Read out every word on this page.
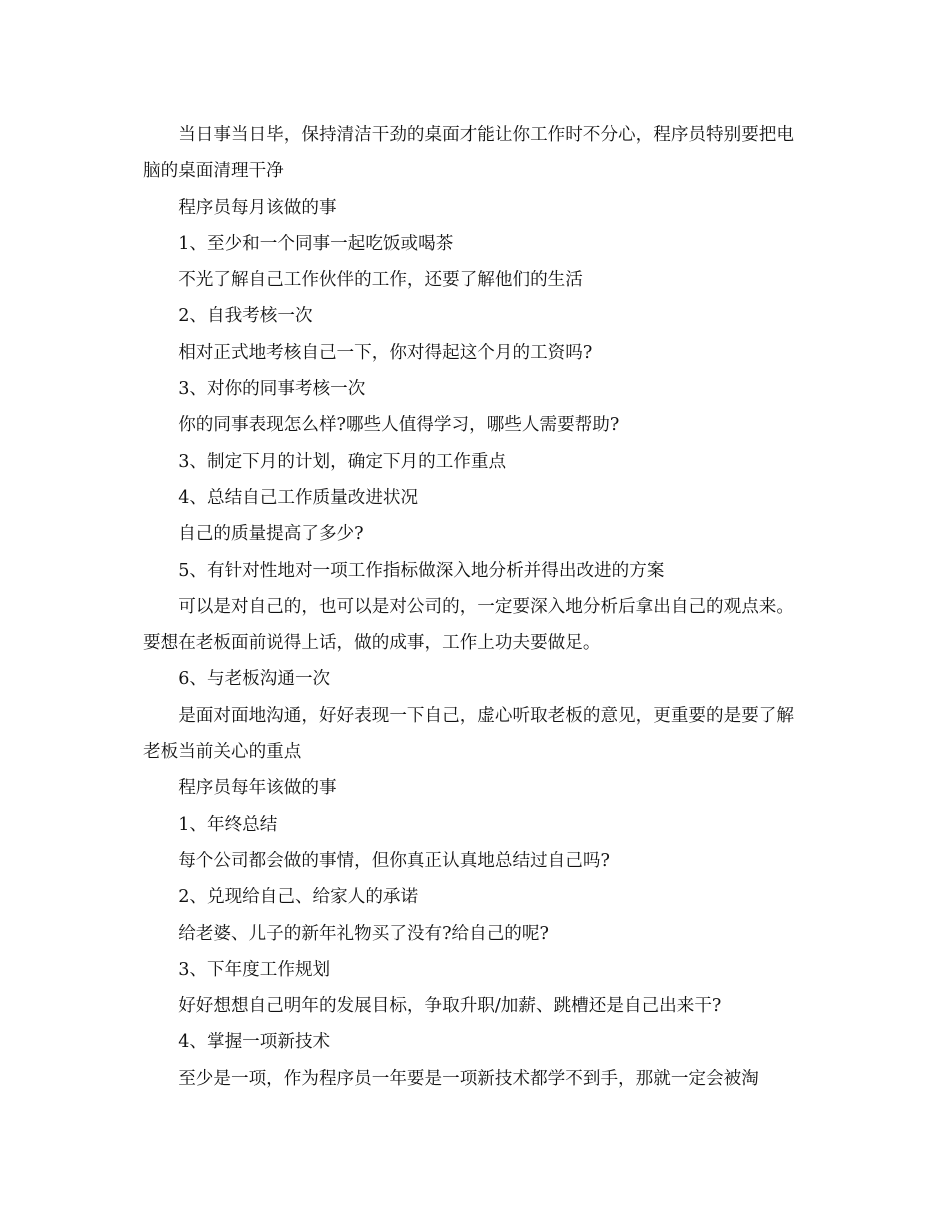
当日事当日毕，保持清洁干劲的桌面才能让你工作时不分心，程序员特别要把电脑的桌面清理干净

程序员每月该做的事

1、至少和一个同事一起吃饭或喝茶

不光了解自己工作伙伴的工作，还要了解他们的生活

2、自我考核一次

相对正式地考核自己一下，你对得起这个月的工资吗?

3、对你的同事考核一次

你的同事表现怎么样?哪些人值得学习，哪些人需要帮助?

3、制定下月的计划，确定下月的工作重点

4、总结自己工作质量改进状况

自己的质量提高了多少?

5、有针对性地对一项工作指标做深入地分析并得出改进的方案

可以是对自己的，也可以是对公司的，一定要深入地分析后拿出自己的观点来。要想在老板面前说得上话，做的成事，工作上功夫要做足。

6、与老板沟通一次

是面对面地沟通，好好表现一下自己，虚心听取老板的意见，更重要的是要了解老板当前关心的重点

程序员每年该做的事

1、年终总结

每个公司都会做的事情，但你真正认真地总结过自己吗?

2、兑现给自己、给家人的承诺

给老婆、儿子的新年礼物买了没有?给自己的呢?

3、下年度工作规划

好好想想自己明年的发展目标，争取升职/加薪、跳槽还是自己出来干?

4、掌握一项新技术

至少是一项，作为程序员一年要是一项新技术都学不到手，那就一定会被淘
